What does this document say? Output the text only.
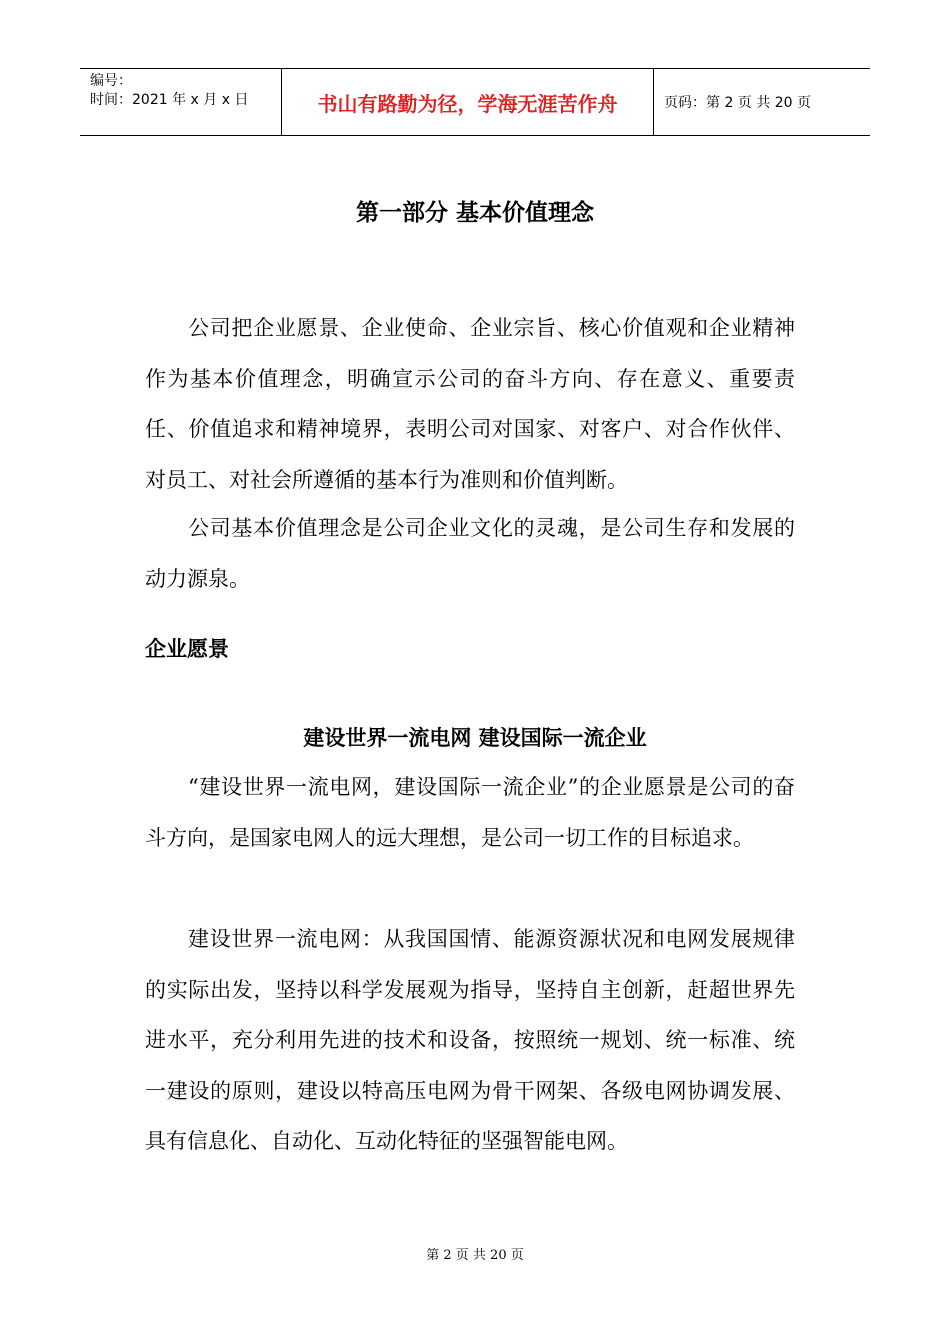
编号：
时间：2021 年 x 月 x 日	书山有路勤为径，学海无涯苦作舟	页码：第 2 页 共 20 页
第一部分 基本价值理念

公司把企业愿景、企业使命、企业宗旨、核心价值观和企业精神作为基本价值理念，明确宣示公司的奋斗方向、存在意义、重要责任、价值追求和精神境界，表明公司对国家、对客户、对合作伙伴、对员工、对社会所遵循的基本行为准则和价值判断。

公司基本价值理念是公司企业文化的灵魂，是公司生存和发展的动力源泉。

企业愿景
建设世界一流电网 建设国际一流企业

“建设世界一流电网，建设国际一流企业”的企业愿景是公司的奋斗方向，是国家电网人的远大理想，是公司一切工作的目标追求。

建设世界一流电网：从我国国情、能源资源状况和电网发展规律的实际出发，坚持以科学发展观为指导，坚持自主创新，赶超世界先进水平，充分利用先进的技术和设备，按照统一规划、统一标准、统一建设的原则，建设以特高压电网为骨干网架、各级电网协调发展、具有信息化、自动化、互动化特征的坚强智能电网。

第 2 页 共 20 页
